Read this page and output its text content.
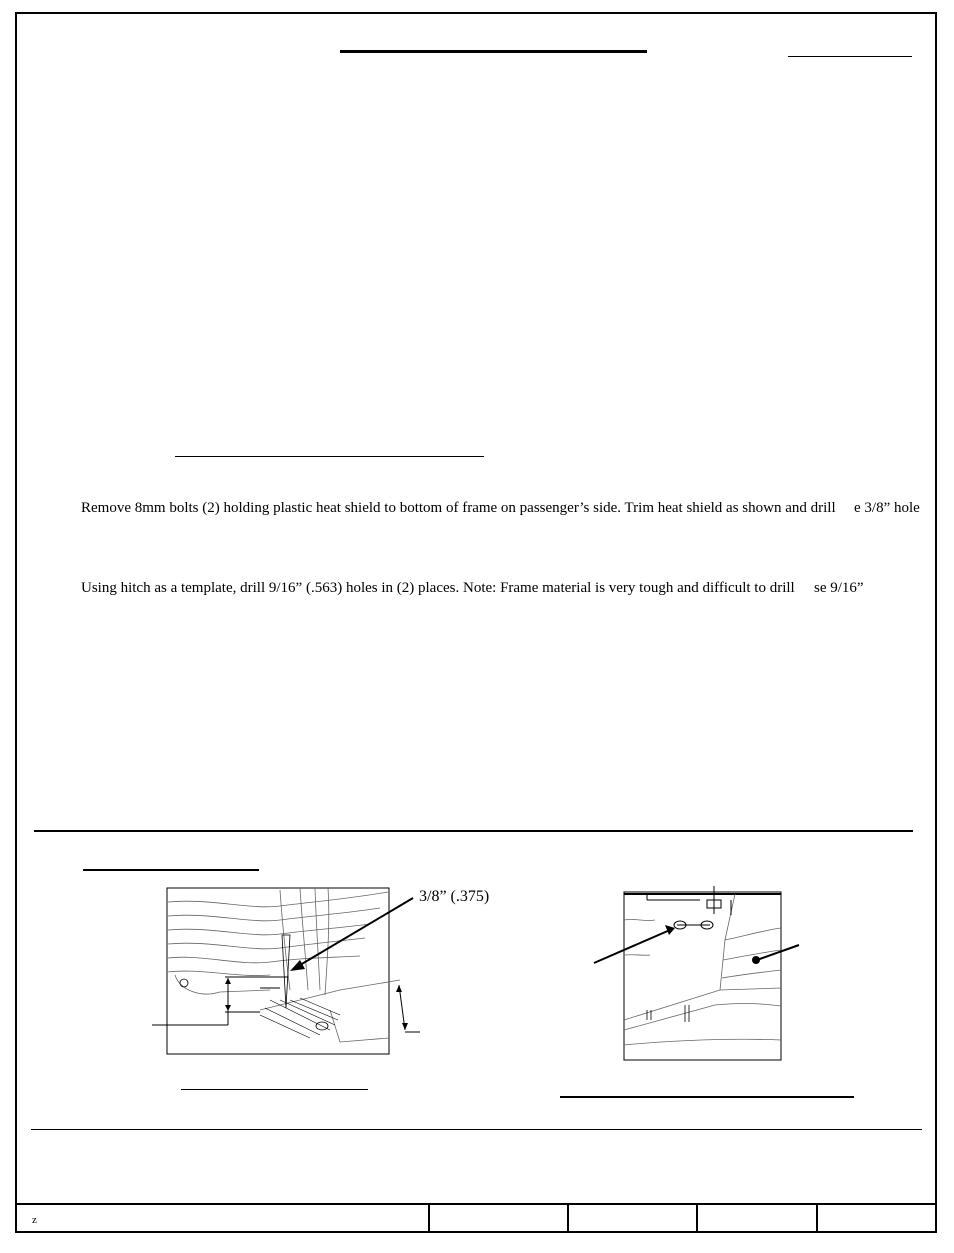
Remove 8mm bolts (2) holding plastic heat shield to bottom of frame on passenger’s side. Trim heat shield as shown and drill e 3/8” hole
Using hitch as a template, drill 9/16” (.563) holes in (2) places. Note: Frame material is very tough and difficult to drill se 9/16”
3/8” (.375)
z
